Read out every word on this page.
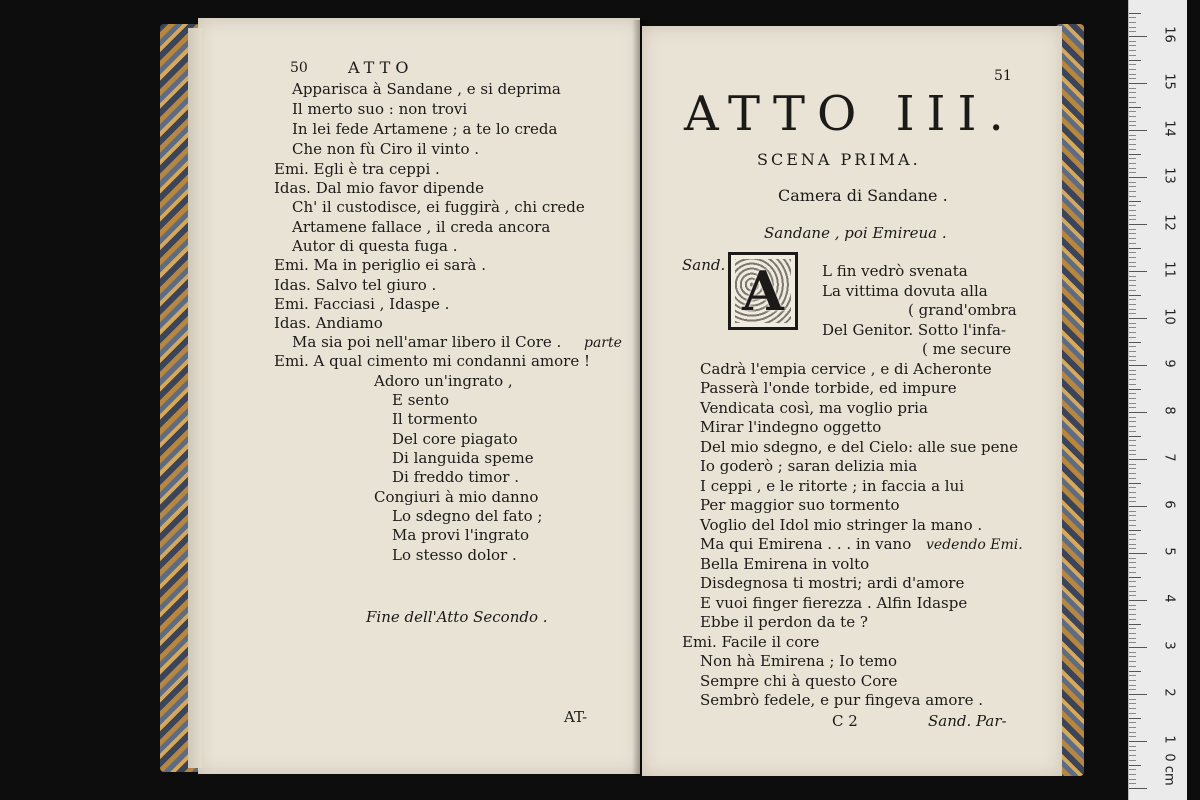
50	ATTO
Apparisca à Sandane , e si deprima
Il merto suo : non trovi
In lei fede Artamene ; a te lo creda
Che non fù Ciro il vinto .
Emi. Egli è tra ceppi .
Idas. Dal mio favor dipende
Ch' il custodisce, ei fuggirà , chi crede
Artamene fallace , il creda ancora
Autor di questa fuga .
Emi. Ma in periglio ei sarà .
Idas. Salvo tel giuro .
Emi. Facciasi , Idaspe .
Idas. Andiamo
Ma sia poi nell'amar libero il Core . parte
Emi. A qual cimento mi condanni amore !
Adoro un'ingrato ,
E sento
Il tormento
Del core piagato
Di languida speme
Di freddo timor .
Congiuri à mio danno
Lo sdegno del fato ;
Ma provi l'ingrato
Lo stesso dolor .
Fine dell'Atto Secondo .
AT-
51
ATTO III.
SCENA PRIMA.
Camera di Sandane .
Sandane , poi Emireua .
Sand. A	L fin vedrò svenata
La vittima dovuta alla
( grand'ombra
Del Genitor. Sotto l'infa-
( me secure
Cadrà l'empia cervice , e di Acheronte
Passerà l'onde torbide, ed impure
Vendicata così, ma voglio pria
Mirar l'indegno oggetto
Del mio sdegno, e del Cielo: alle sue pene
Io goderò ; saran delizia mia
I ceppi , e le ritorte ; in faccia a lui
Per maggior suo tormento
Voglio del Idol mio stringer la mano .
Ma qui Emirena . . . in vano vedendo Emi.
Bella Emirena in volto
Disdegnosa ti mostri; ardi d'amore
E vuoi finger fierezza . Alfin Idaspe
Ebbe il perdon da te ?
Emi. Facile il core
Non hà Emirena ; Io temo
Sempre chi à questo Core
Sembrò fedele, e pur fingeva amore .
C 2	Sand. Par-
0 cm
1
2
3
4
5
6
7
8
9
10
11
12
13
14
15
16
